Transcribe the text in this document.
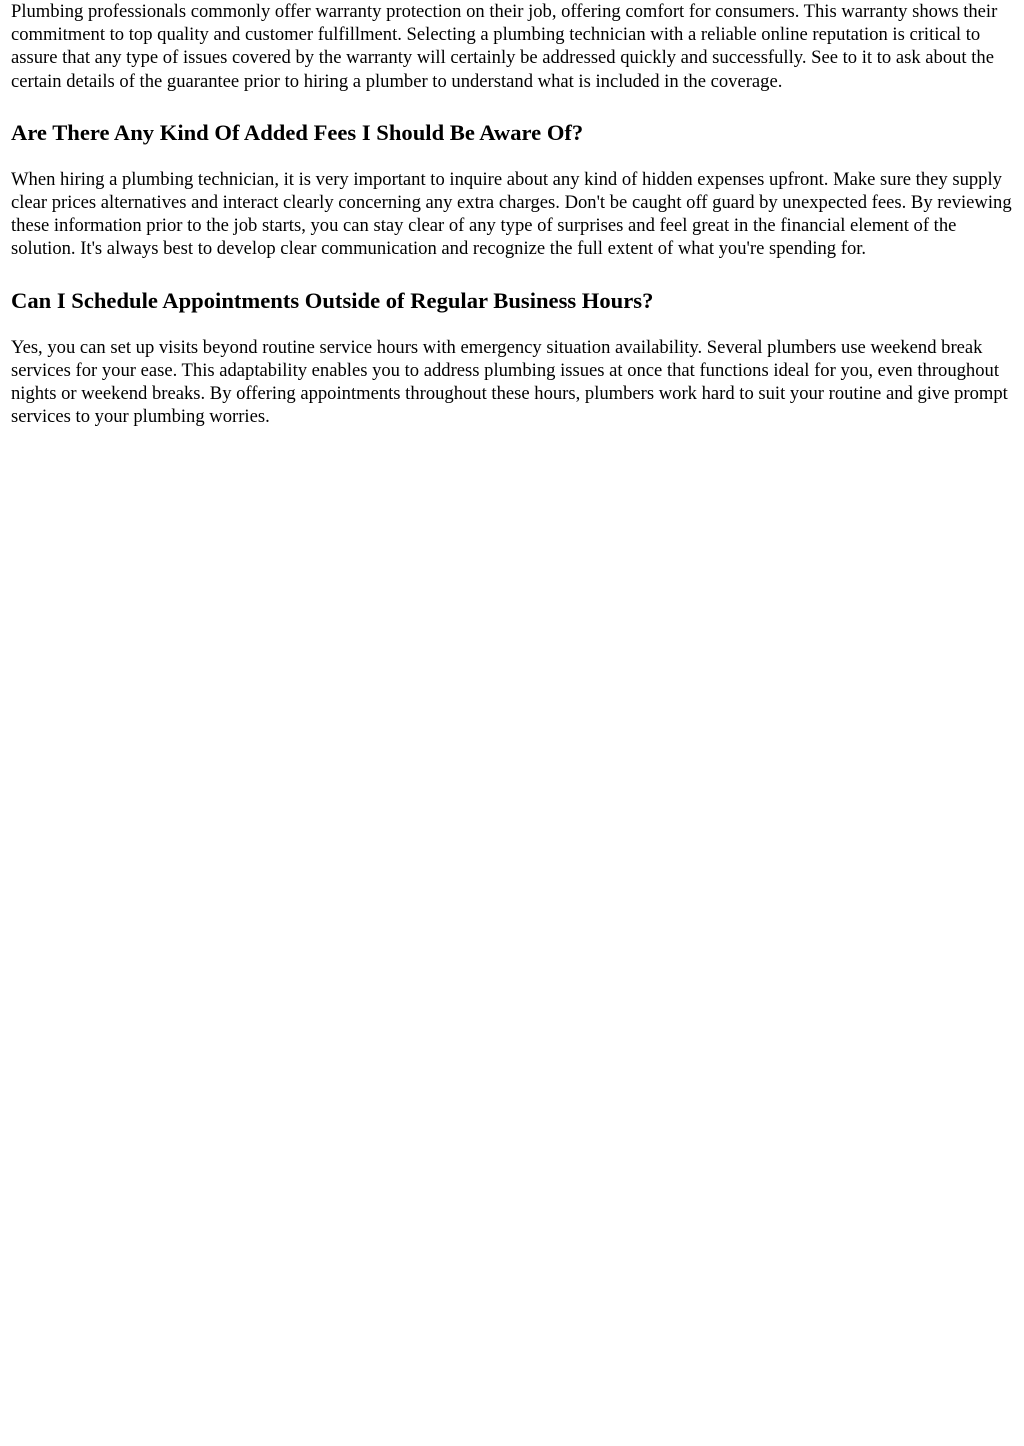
Plumbing professionals commonly offer warranty protection on their job, offering comfort for consumers. This warranty shows their commitment to top quality and customer fulfillment. Selecting a plumbing technician with a reliable online reputation is critical to assure that any type of issues covered by the warranty will certainly be addressed quickly and successfully. See to it to ask about the certain details of the guarantee prior to hiring a plumber to understand what is included in the coverage.

Are There Any Kind Of Added Fees I Should Be Aware Of?

When hiring a plumbing technician, it is very important to inquire about any kind of hidden expenses upfront. Make sure they supply clear prices alternatives and interact clearly concerning any extra charges. Don't be caught off guard by unexpected fees. By reviewing these information prior to the job starts, you can stay clear of any type of surprises and feel great in the financial element of the solution. It's always best to develop clear communication and recognize the full extent of what you're spending for.

Can I Schedule Appointments Outside of Regular Business Hours?

Yes, you can set up visits beyond routine service hours with emergency situation availability. Several plumbers use weekend break services for your ease. This adaptability enables you to address plumbing issues at once that functions ideal for you, even throughout nights or weekend breaks. By offering appointments throughout these hours, plumbers work hard to suit your routine and give prompt services to your plumbing worries.
